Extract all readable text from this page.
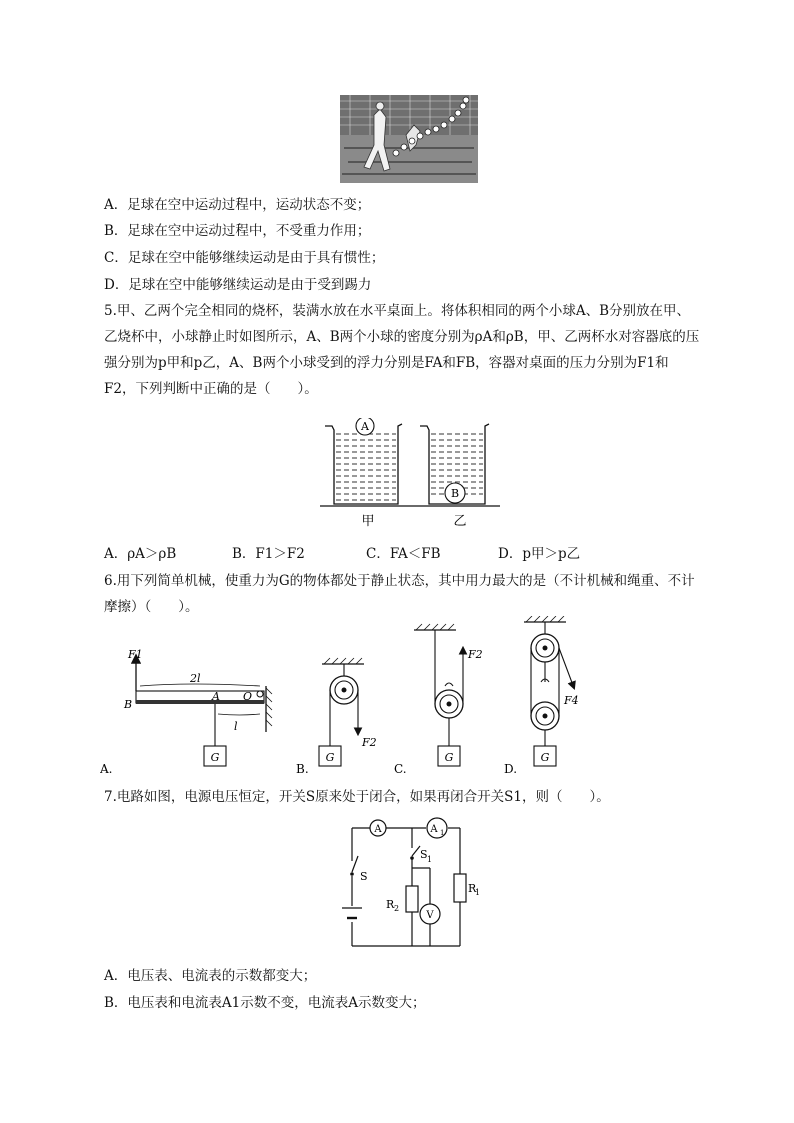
A．足球在空中运动过程中，运动状态不变；
B．足球在空中运动过程中，不受重力作用；
C．足球在空中能够继续运动是由于具有惯性；
D．足球在空中能够继续运动是由于受到踢力
5.甲、乙两个完全相同的烧杯，装满水放在水平桌面上。将体积相同的两个小球A、B分别放在甲、乙烧杯中，小球静止时如图所示，A、B两个小球的密度分别为ρA和ρB，甲、乙两杯水对容器底的压强分别为p甲和p乙，A、B两个小球受到的浮力分别是FA和FB，容器对桌面的压力分别为F1和F2，下列判断中正确的是（　　）。
A
B
甲	乙
A．ρA＞ρB	B．F1＞F2	C．FA＜FB	D．p甲＞p乙
6.用下列简单机械，使重力为G的物体都处于静止状态，其中用力最大的是（不计机械和绳重、不计摩擦）（　　）。
F1
B
A O
2l
l
G
F2
G
F2
G
F4
G
A.	B.	C.	D.
7.电路如图，电源电压恒定，开关S原来处于闭合，如果再闭合开关S1，则（　　）。
A	A 1
S
S 1
R 2
R
1
V
A．电压表、电流表的示数都变大；
B．电压表和电流表A1示数不变，电流表A示数变大；
